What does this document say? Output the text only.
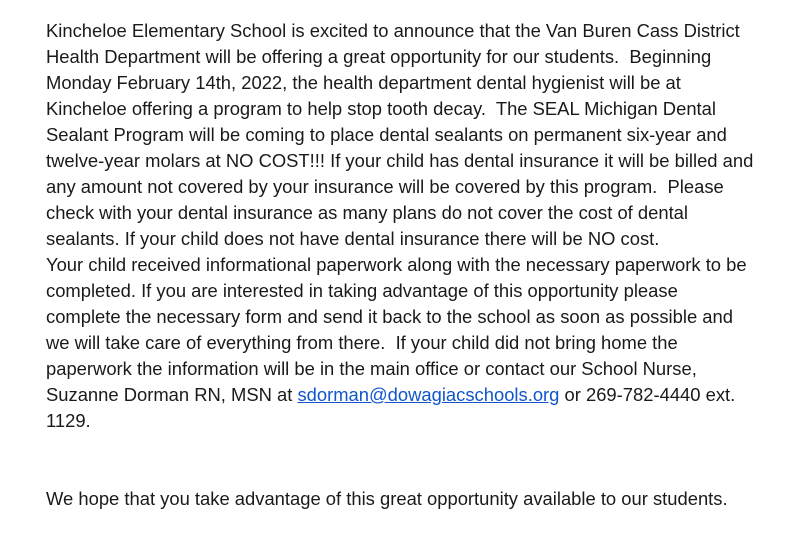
Kincheloe Elementary School is excited to announce that the Van Buren Cass District
Health Department will be offering a great opportunity for our students.  Beginning
Monday February 14th, 2022, the health department dental hygienist will be at
Kincheloe offering a program to help stop tooth decay.  The SEAL Michigan Dental
Sealant Program will be coming to place dental sealants on permanent six-year and
twelve-year molars at NO COST!!! If your child has dental insurance it will be billed and
any amount not covered by your insurance will be covered by this program.  Please
check with your dental insurance as many plans do not cover the cost of dental
sealants. If your child does not have dental insurance there will be NO cost.
Your child received informational paperwork along with the necessary paperwork to be
completed. If you are interested in taking advantage of this opportunity please
complete the necessary form and send it back to the school as soon as possible and
we will take care of everything from there.  If your child did not bring home the
paperwork the information will be in the main office or contact our School Nurse,
Suzanne Dorman RN, MSN at sdorman@dowagiacschools.org or 269-782-4440 ext.
1129.
We hope that you take advantage of this great opportunity available to our students.
